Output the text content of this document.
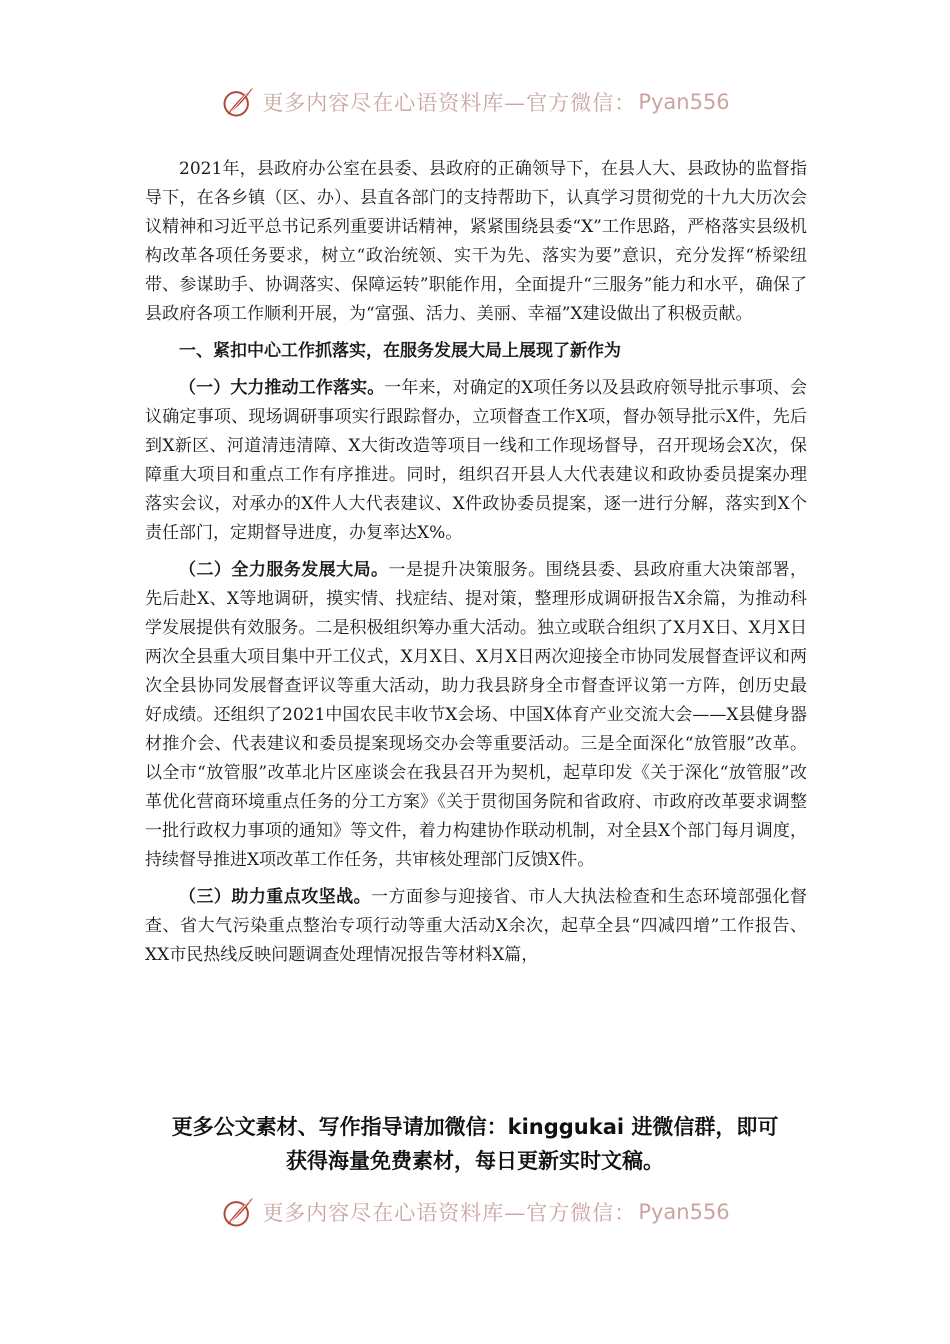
更多内容尽在心语资料库—官方微信： Pyan556

2021年，县政府办公室在县委、县政府的正确领导下，在县人大、县政协的监督指导下，在各乡镇（区、办）、县直各部门的支持帮助下，认真学习贯彻党的十九大历次会议精神和习近平总书记系列重要讲话精神，紧紧围绕县委“X”工作思路，严格落实县级机构改革各项任务要求，树立“政治统领、实干为先、落实为要”意识，充分发挥“桥梁纽带、参谋助手、协调落实、保障运转”职能作用，全面提升“三服务”能力和水平，确保了县政府各项工作顺利开展，为“富强、活力、美丽、幸福”X建设做出了积极贡献。

一、紧扣中心工作抓落实，在服务发展大局上展现了新作为

（一）大力推动工作落实。一年来，对确定的X项任务以及县政府领导批示事项、会议确定事项、现场调研事项实行跟踪督办，立项督查工作X项，督办领导批示X件，先后到X新区、河道清违清障、X大街改造等项目一线和工作现场督导，召开现场会X次，保障重大项目和重点工作有序推进。同时，组织召开县人大代表建议和政协委员提案办理落实会议，对承办的X件人大代表建议、X件政协委员提案，逐一进行分解，落实到X个责任部门，定期督导进度，办复率达X%。

（二）全力服务发展大局。一是提升决策服务。围绕县委、县政府重大决策部署，先后赴X、X等地调研，摸实情、找症结、提对策，整理形成调研报告X余篇，为推动科学发展提供有效服务。二是积极组织筹办重大活动。独立或联合组织了X月X日、X月X日两次全县重大项目集中开工仪式，X月X日、X月X日两次迎接全市协同发展督查评议和两次全县协同发展督查评议等重大活动，助力我县跻身全市督查评议第一方阵，创历史最好成绩。还组织了2021中国农民丰收节X会场、中国X体育产业交流大会——X县健身器材推介会、代表建议和委员提案现场交办会等重要活动。三是全面深化“放管服”改革。以全市“放管服”改革北片区座谈会在我县召开为契机，起草印发《关于深化“放管服”改革优化营商环境重点任务的分工方案》《关于贯彻国务院和省政府、市政府改革要求调整一批行政权力事项的通知》等文件，着力构建协作联动机制，对全县X个部门每月调度，持续督导推进X项改革工作任务，共审核处理部门反馈X件。

（三）助力重点攻坚战。一方面参与迎接省、市人大执法检查和生态环境部强化督查、省大气污染重点整治专项行动等重大活动X余次，起草全县“四减四增”工作报告、XX市民热线反映问题调查处理情况报告等材料X篇，

更多公文素材、写作指导请加微信：kinggukai 进微信群，即可
获得海量免费素材，每日更新实时文稿。
更多内容尽在心语资料库—官方微信： Pyan556
